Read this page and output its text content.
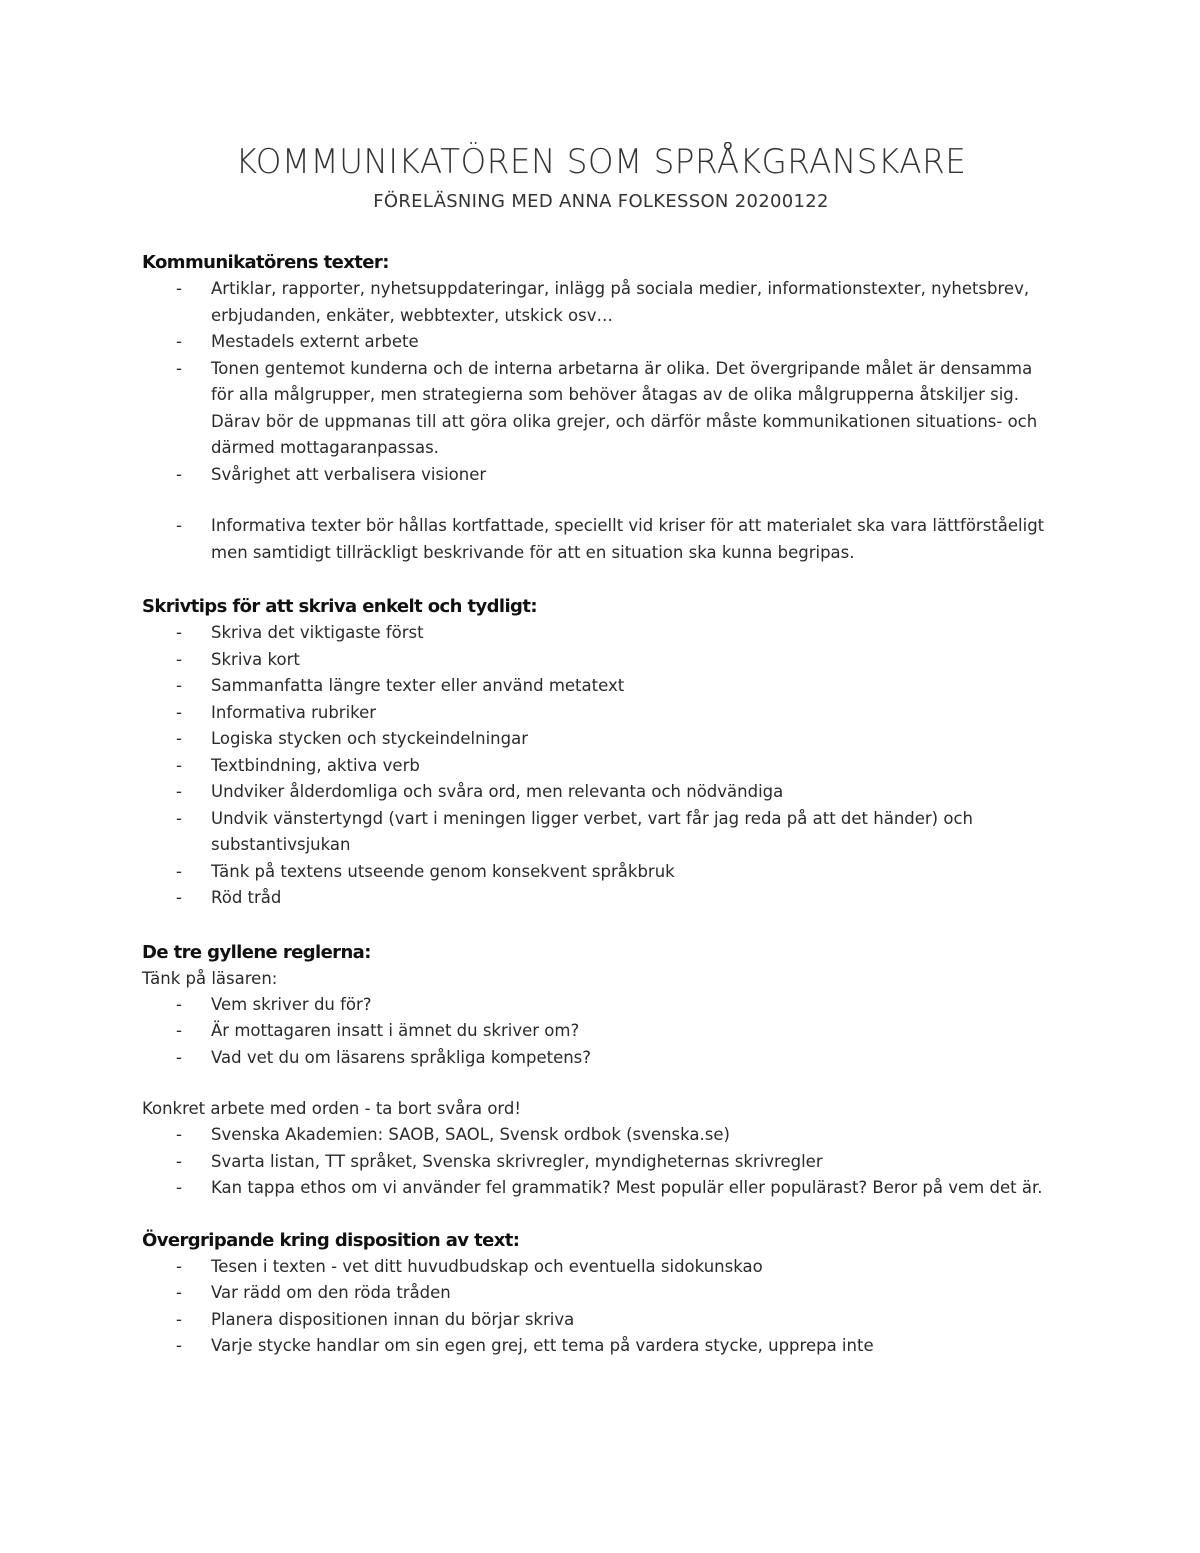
KOMMUNIKATÖREN SOM SPRÅKGRANSKARE

FÖRELÄSNING MED ANNA FOLKESSON 20200122

Kommunikatörens texter:
- Artiklar, rapporter, nyhetsuppdateringar, inlägg på sociala medier, informationstexter, nyhetsbrev, erbjudanden, enkäter, webbtexter, utskick osv…
- Mestadels externt arbete
- Tonen gentemot kunderna och de interna arbetarna är olika. Det övergripande målet är densamma för alla målgrupper, men strategierna som behöver åtagas av de olika målgrupperna åtskiljer sig. Därav bör de uppmanas till att göra olika grejer, och därför måste kommunikationen situations- och därmed mottagaranpassas.
- Svårighet att verbalisera visioner
- Informativa texter bör hållas kortfattade, speciellt vid kriser för att materialet ska vara lättförståeligt men samtidigt tillräckligt beskrivande för att en situation ska kunna begripas.
Skrivtips för att skriva enkelt och tydligt:
- Skriva det viktigaste först
- Skriva kort
- Sammanfatta längre texter eller använd metatext
- Informativa rubriker
- Logiska stycken och styckeindelningar
- Textbindning, aktiva verb
- Undviker ålderdomliga och svåra ord, men relevanta och nödvändiga
- Undvik vänstertyngd (vart i meningen ligger verbet, vart får jag reda på att det händer) och substantivsjukan
- Tänk på textens utseende genom konsekvent språkbruk
- Röd tråd
De tre gyllene reglerna:

Tänk på läsaren:

- Vem skriver du för?
- Är mottagaren insatt i ämnet du skriver om?
- Vad vet du om läsarens språkliga kompetens?

Konkret arbete med orden - ta bort svåra ord!

- Svenska Akademien: SAOB, SAOL, Svensk ordbok (svenska.se)
- Svarta listan, TT språket, Svenska skrivregler, myndigheternas skrivregler
- Kan tappa ethos om vi använder fel grammatik? Mest populär eller populärast? Beror på vem det är.
Övergripande kring disposition av text:
- Tesen i texten - vet ditt huvudbudskap och eventuella sidokunskao
- Var rädd om den röda tråden
- Planera dispositionen innan du börjar skriva
- Varje stycke handlar om sin egen grej, ett tema på vardera stycke, upprepa inte
